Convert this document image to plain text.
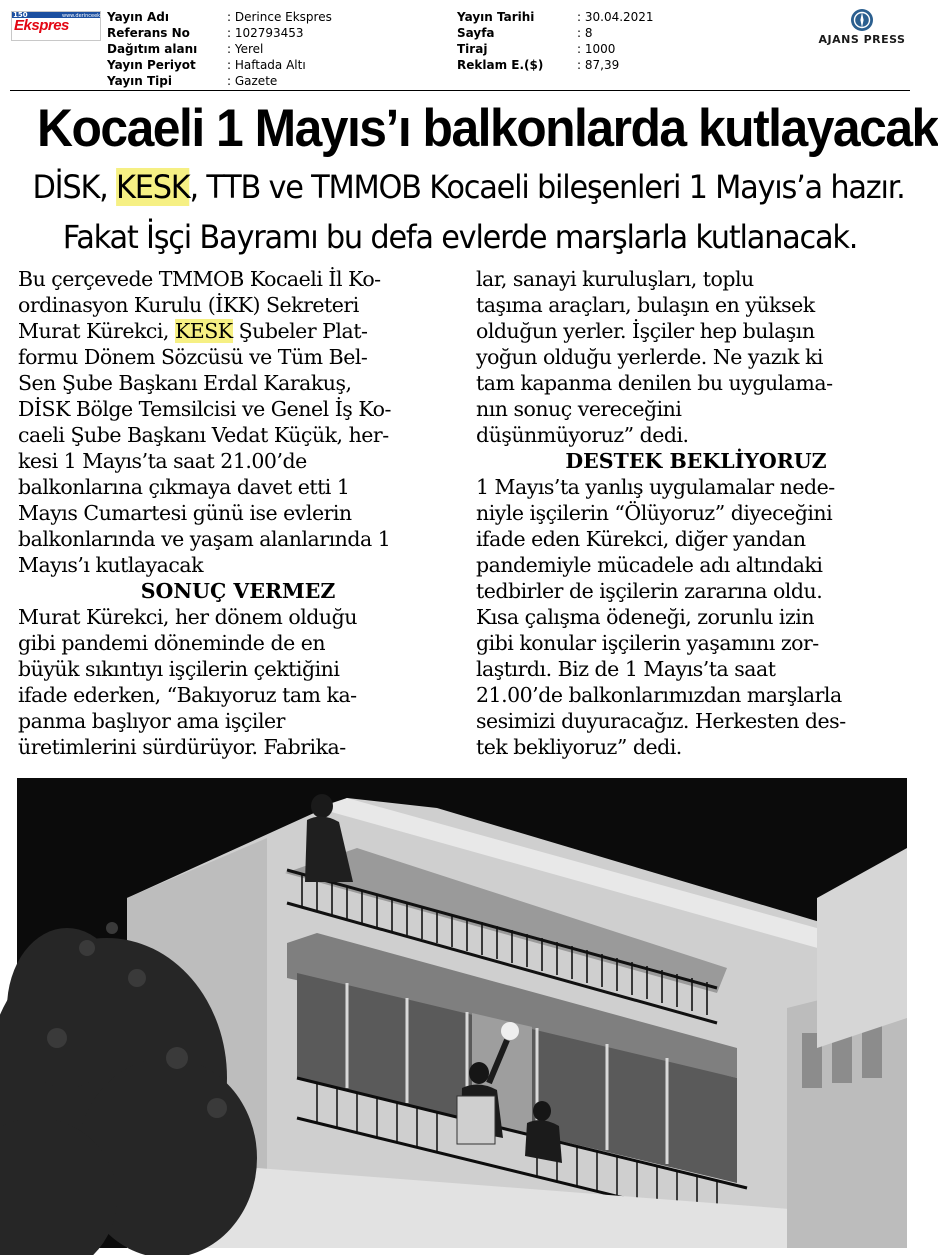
150	www.derinceekspres.com
Ekspres	Yayın Adı	: Derince Ekspres
Referans No	: 102793453
Dağıtım alanı	: Yerel
Yayın Periyot	: Haftada Altı
Yayın Tipi	: Gazete
Yayın Tarihi	: 30.04.2021
Sayfa	: 8
Tiraj	: 1000
Reklam E.($)	: 87,39
AJANS PRESS
Kocaeli 1 Mayıs’ı balkonlarda kutlayacak
DİSK, KESK, TTB ve TMMOB Kocaeli bileşenleri 1 Mayıs’a hazır.
Fakat İşçi Bayramı bu defa evlerde marşlarla kutlanacak.
Bu çerçevede TMMOB Kocaeli İl Ko-
ordinasyon Kurulu (İKK) Sekreteri
Murat Kürekci, KESK Şubeler Plat-
formu Dönem Sözcüsü ve Tüm Bel-
Sen Şube Başkanı Erdal Karakuş,
DİSK Bölge Temsilcisi ve Genel İş Ko-
caeli Şube Başkanı Vedat Küçük, her-
kesi 1 Mayıs’ta saat 21.00’de
balkonlarına çıkmaya davet etti 1
Mayıs Cumartesi günü ise evlerin
balkonlarında ve yaşam alanlarında 1
Mayıs’ı kutlayacak
SONUÇ VERMEZ
Murat Kürekci, her dönem olduğu
gibi pandemi döneminde de en
büyük sıkıntıyı işçilerin çektiğini
ifade ederken, “Bakıyoruz tam ka-
panma başlıyor ama işçiler
üretimlerini sürdürüyor. Fabrika-
lar, sanayi kuruluşları, toplu
taşıma araçları, bulaşın en yüksek
olduğun yerler. İşçiler hep bulaşın
yoğun olduğu yerlerde. Ne yazık ki
tam kapanma denilen bu uygulama-
nın sonuç vereceğini
düşünmüyoruz” dedi.
DESTEK BEKLİYORUZ
1 Mayıs’ta yanlış uygulamalar nede-
niyle işçilerin “Ölüyoruz” diyeceğini
ifade eden Kürekci, diğer yandan
pandemiyle mücadele adı altındaki
tedbirler de işçilerin zararına oldu.
Kısa çalışma ödeneği, zorunlu izin
gibi konular işçilerin yaşamını zor-
laştırdı. Biz de 1 Mayıs’ta saat
21.00’de balkonlarımızdan marşlarla
sesimizi duyuracağız. Herkesten des-
tek bekliyoruz” dedi.
